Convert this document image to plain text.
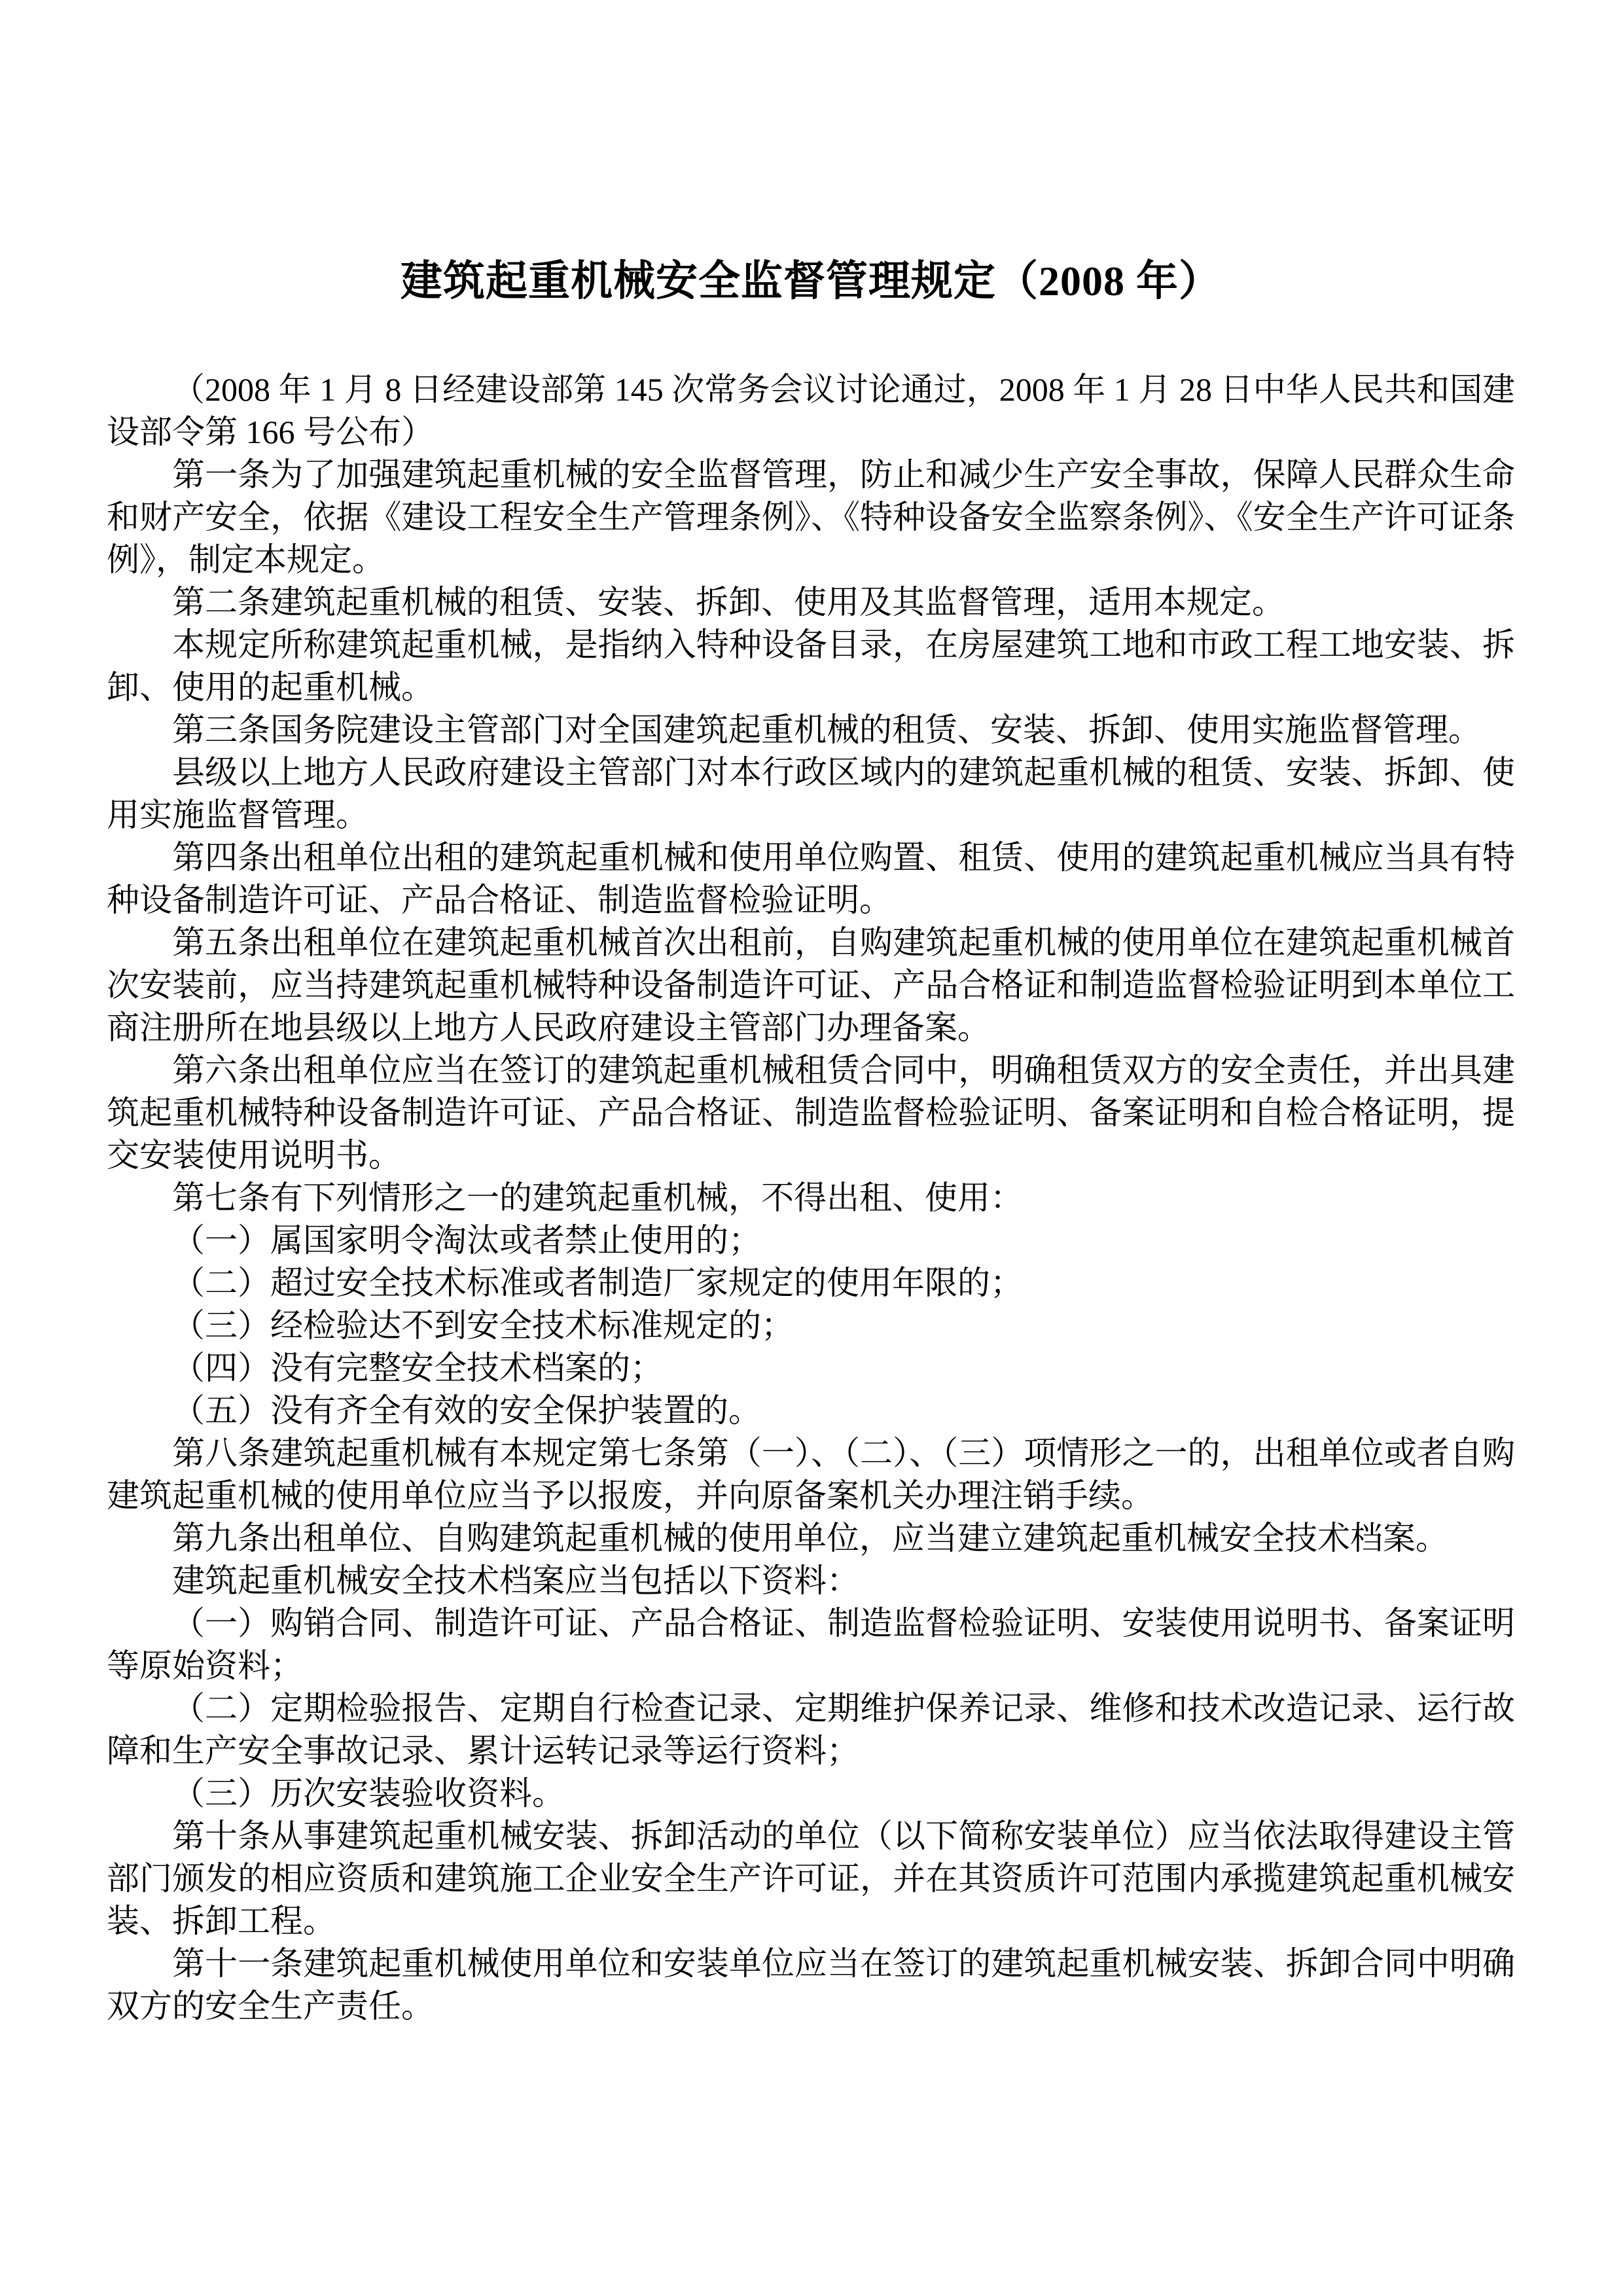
建筑起重机械安全监督管理规定（2008 年）

（2008 年 1 月 8 日经建设部第 145 次常务会议讨论通过，2008 年 1 月 28 日中华人民共和国建设部令第 166 号公布）

第一条为了加强建筑起重机械的安全监督管理，防止和减少生产安全事故，保障人民群众生命和财产安全，依据《建设工程安全生产管理条例》、《特种设备安全监察条例》、《安全生产许可证条例》，制定本规定。

第二条建筑起重机械的租赁、安装、拆卸、使用及其监督管理，适用本规定。

本规定所称建筑起重机械，是指纳入特种设备目录，在房屋建筑工地和市政工程工地安装、拆卸、使用的起重机械。

第三条国务院建设主管部门对全国建筑起重机械的租赁、安装、拆卸、使用实施监督管理。

县级以上地方人民政府建设主管部门对本行政区域内的建筑起重机械的租赁、安装、拆卸、使用实施监督管理。

第四条出租单位出租的建筑起重机械和使用单位购置、租赁、使用的建筑起重机械应当具有特种设备制造许可证、产品合格证、制造监督检验证明。

第五条出租单位在建筑起重机械首次出租前，自购建筑起重机械的使用单位在建筑起重机械首次安装前，应当持建筑起重机械特种设备制造许可证、产品合格证和制造监督检验证明到本单位工商注册所在地县级以上地方人民政府建设主管部门办理备案。

第六条出租单位应当在签订的建筑起重机械租赁合同中，明确租赁双方的安全责任，并出具建筑起重机械特种设备制造许可证、产品合格证、制造监督检验证明、备案证明和自检合格证明，提交安装使用说明书。

第七条有下列情形之一的建筑起重机械，不得出租、使用：

（一）属国家明令淘汰或者禁止使用的；

（二）超过安全技术标准或者制造厂家规定的使用年限的；

（三）经检验达不到安全技术标准规定的；

（四）没有完整安全技术档案的；

（五）没有齐全有效的安全保护装置的。

第八条建筑起重机械有本规定第七条第（一）、（二）、（三）项情形之一的，出租单位或者自购建筑起重机械的使用单位应当予以报废，并向原备案机关办理注销手续。

第九条出租单位、自购建筑起重机械的使用单位，应当建立建筑起重机械安全技术档案。

建筑起重机械安全技术档案应当包括以下资料：

（一）购销合同、制造许可证、产品合格证、制造监督检验证明、安装使用说明书、备案证明等原始资料；

（二）定期检验报告、定期自行检查记录、定期维护保养记录、维修和技术改造记录、运行故障和生产安全事故记录、累计运转记录等运行资料；

（三）历次安装验收资料。

第十条从事建筑起重机械安装、拆卸活动的单位（以下简称安装单位）应当依法取得建设主管部门颁发的相应资质和建筑施工企业安全生产许可证，并在其资质许可范围内承揽建筑起重机械安装、拆卸工程。

第十一条建筑起重机械使用单位和安装单位应当在签订的建筑起重机械安装、拆卸合同中明确双方的安全生产责任。
